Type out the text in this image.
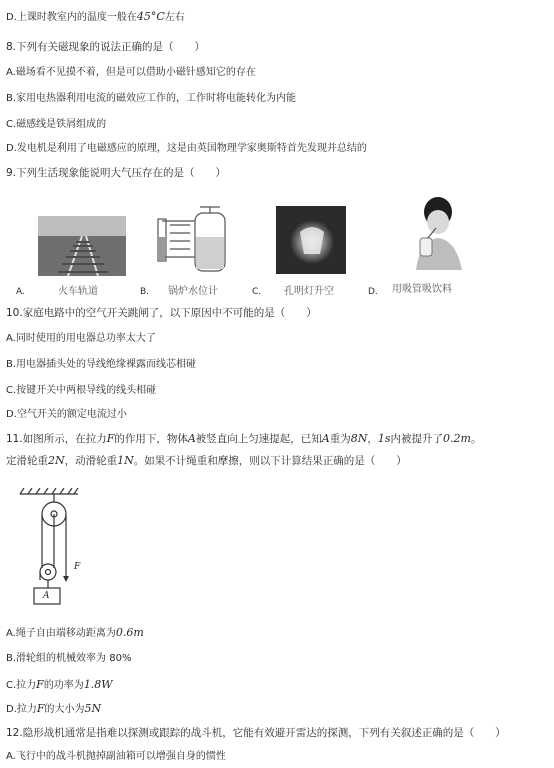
D.上课时教室内的温度一般在45°C左右
8.下列有关磁现象的说法正确的是（　　）
A.磁场看不见摸不着，但是可以借助小磁针感知它的存在
B.家用电热器利用电流的磁效应工作的，工作时将电能转化为内能
C.磁感线是铁屑组成的
D.发电机是利用了电磁感应的原理，这是由英国物理学家奥斯特首先发现并总结的
9.下列生活现象能说明大气压存在的是（　　）
A.	火车轨道	B. 锅炉水位计	C. 孔明灯升空	D. 用吸管吸饮料
10.家庭电路中的空气开关跳闸了，以下原因中不可能的是（　　）
A.同时使用的用电器总功率太大了
B.用电器插头处的导线绝缘裸露而线芯相碰
C.按键开关中两根导线的线头相碰
D.空气开关的额定电流过小
11.如图所示，在拉力F的作用下，物体A被竖直向上匀速提起，已知A重为8N，1s内被提升了0.2m。
定滑轮重2N，动滑轮重1N。如果不计绳重和摩擦，则以下计算结果正确的是（　　）
F
A
A.绳子自由端移动距离为0.6m
B.滑轮组的机械效率为 80%
C.拉力F的功率为1.8W
D.拉力F的大小为5N
12.隐形战机通常是指难以探测或跟踪的战斗机，它能有效避开雷达的探测，下列有关叙述正确的是（　　）
A.飞行中的战斗机抛掉副油箱可以增强自身的惯性
